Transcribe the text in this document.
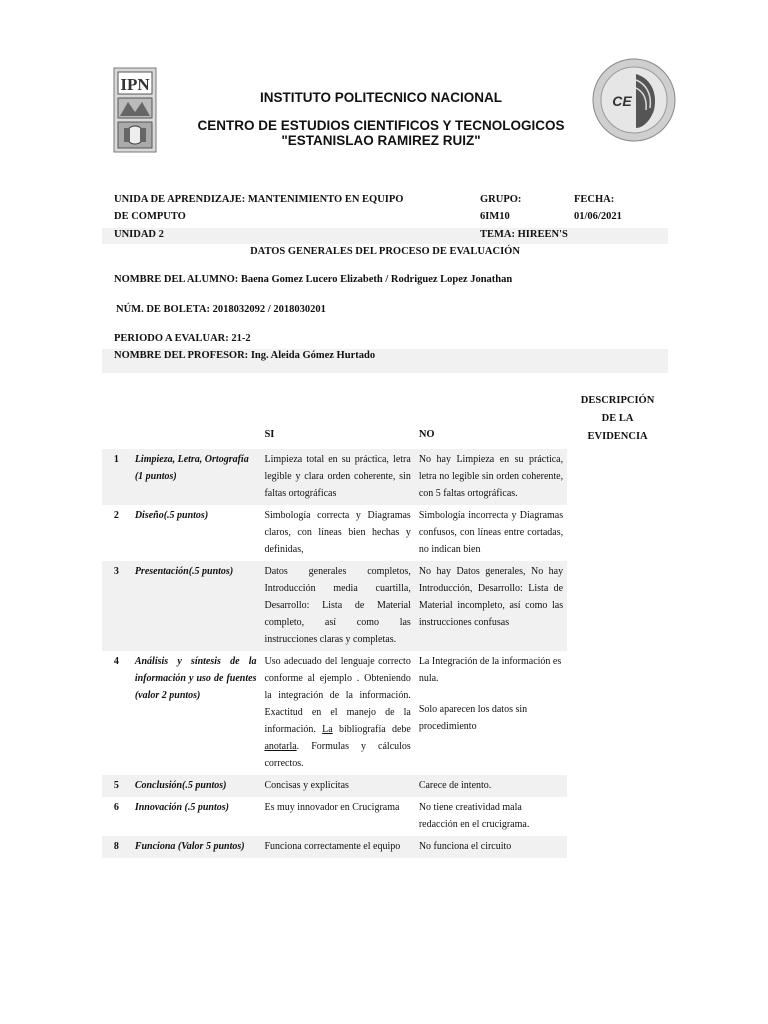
IPN
CE
INSTITUTO POLITECNICO NACIONAL
CENTRO DE ESTUDIOS CIENTIFICOS Y TECNOLOGICOS
"ESTANISLAO RAMIREZ RUIZ"
UNIDA DE APRENDIZAJE: MANTENIMIENTO EN EQUIPO	GRUPO:	FECHA:
DE COMPUTO	6IM10	01/06/2021
UNIDAD 2	TEMA: HIREEN'S
DATOS GENERALES DEL PROCESO DE EVALUACIÓN
NOMBRE DEL ALUMNO: Baena Gomez Lucero Elizabeth / Rodriguez Lopez Jonathan
NÚM. DE BOLETA: 2018032092 / 2018030201
PERIODO A EVALUAR: 21-2
NOMBRE DEL PROFESOR: Ing. Aleida Gómez Hurtado
		SI	NO	DESCRIPCIÓN
DE LA
EVIDENCIA

1	Limpieza, Letra, Ortografía (1 puntos)	Limpieza total en su práctica, letra legible y clara orden coherente, sin faltas ortográficas	No hay Limpieza en su práctica, letra no legible sin orden coherente, con 5 faltas ortográficas.	
2	Diseño(.5 puntos)	Simbología correcta y Diagramas claros, con líneas bien hechas y definidas,	Simbología incorrecta y Diagramas confusos, con líneas entre cortadas, no indican bien	
3	Presentación(.5 puntos)	Datos generales completos, Introducción media cuartilla, Desarrollo: Lista de Material completo, así como las instrucciones claras y completas.	No hay Datos generales, No hay Introducción, Desarrollo: Lista de Material incompleto, así como las instrucciones confusas	
4	Análisis y síntesis de la información y uso de fuentes (valor 2 puntos)	Uso adecuado del lenguaje correcto conforme al ejemplo . Obteniendo la integración de la información. Exactitud en el manejo de la información. La bibliografía debe anotarla. Formulas y cálculos correctos.	La Integración de la información es nula.
Solo aparecen los datos sin procedimiento	

5	Conclusión(.5 puntos)	Concisas y explicitas	Carece de intento.	
6	Innovación (.5 puntos)	Es muy innovador en Crucigrama	No tiene creatividad mala redacción en el crucigrama.	
8	Funciona (Valor 5 puntos)	Funciona correctamente el equipo	No funciona el circuito	
